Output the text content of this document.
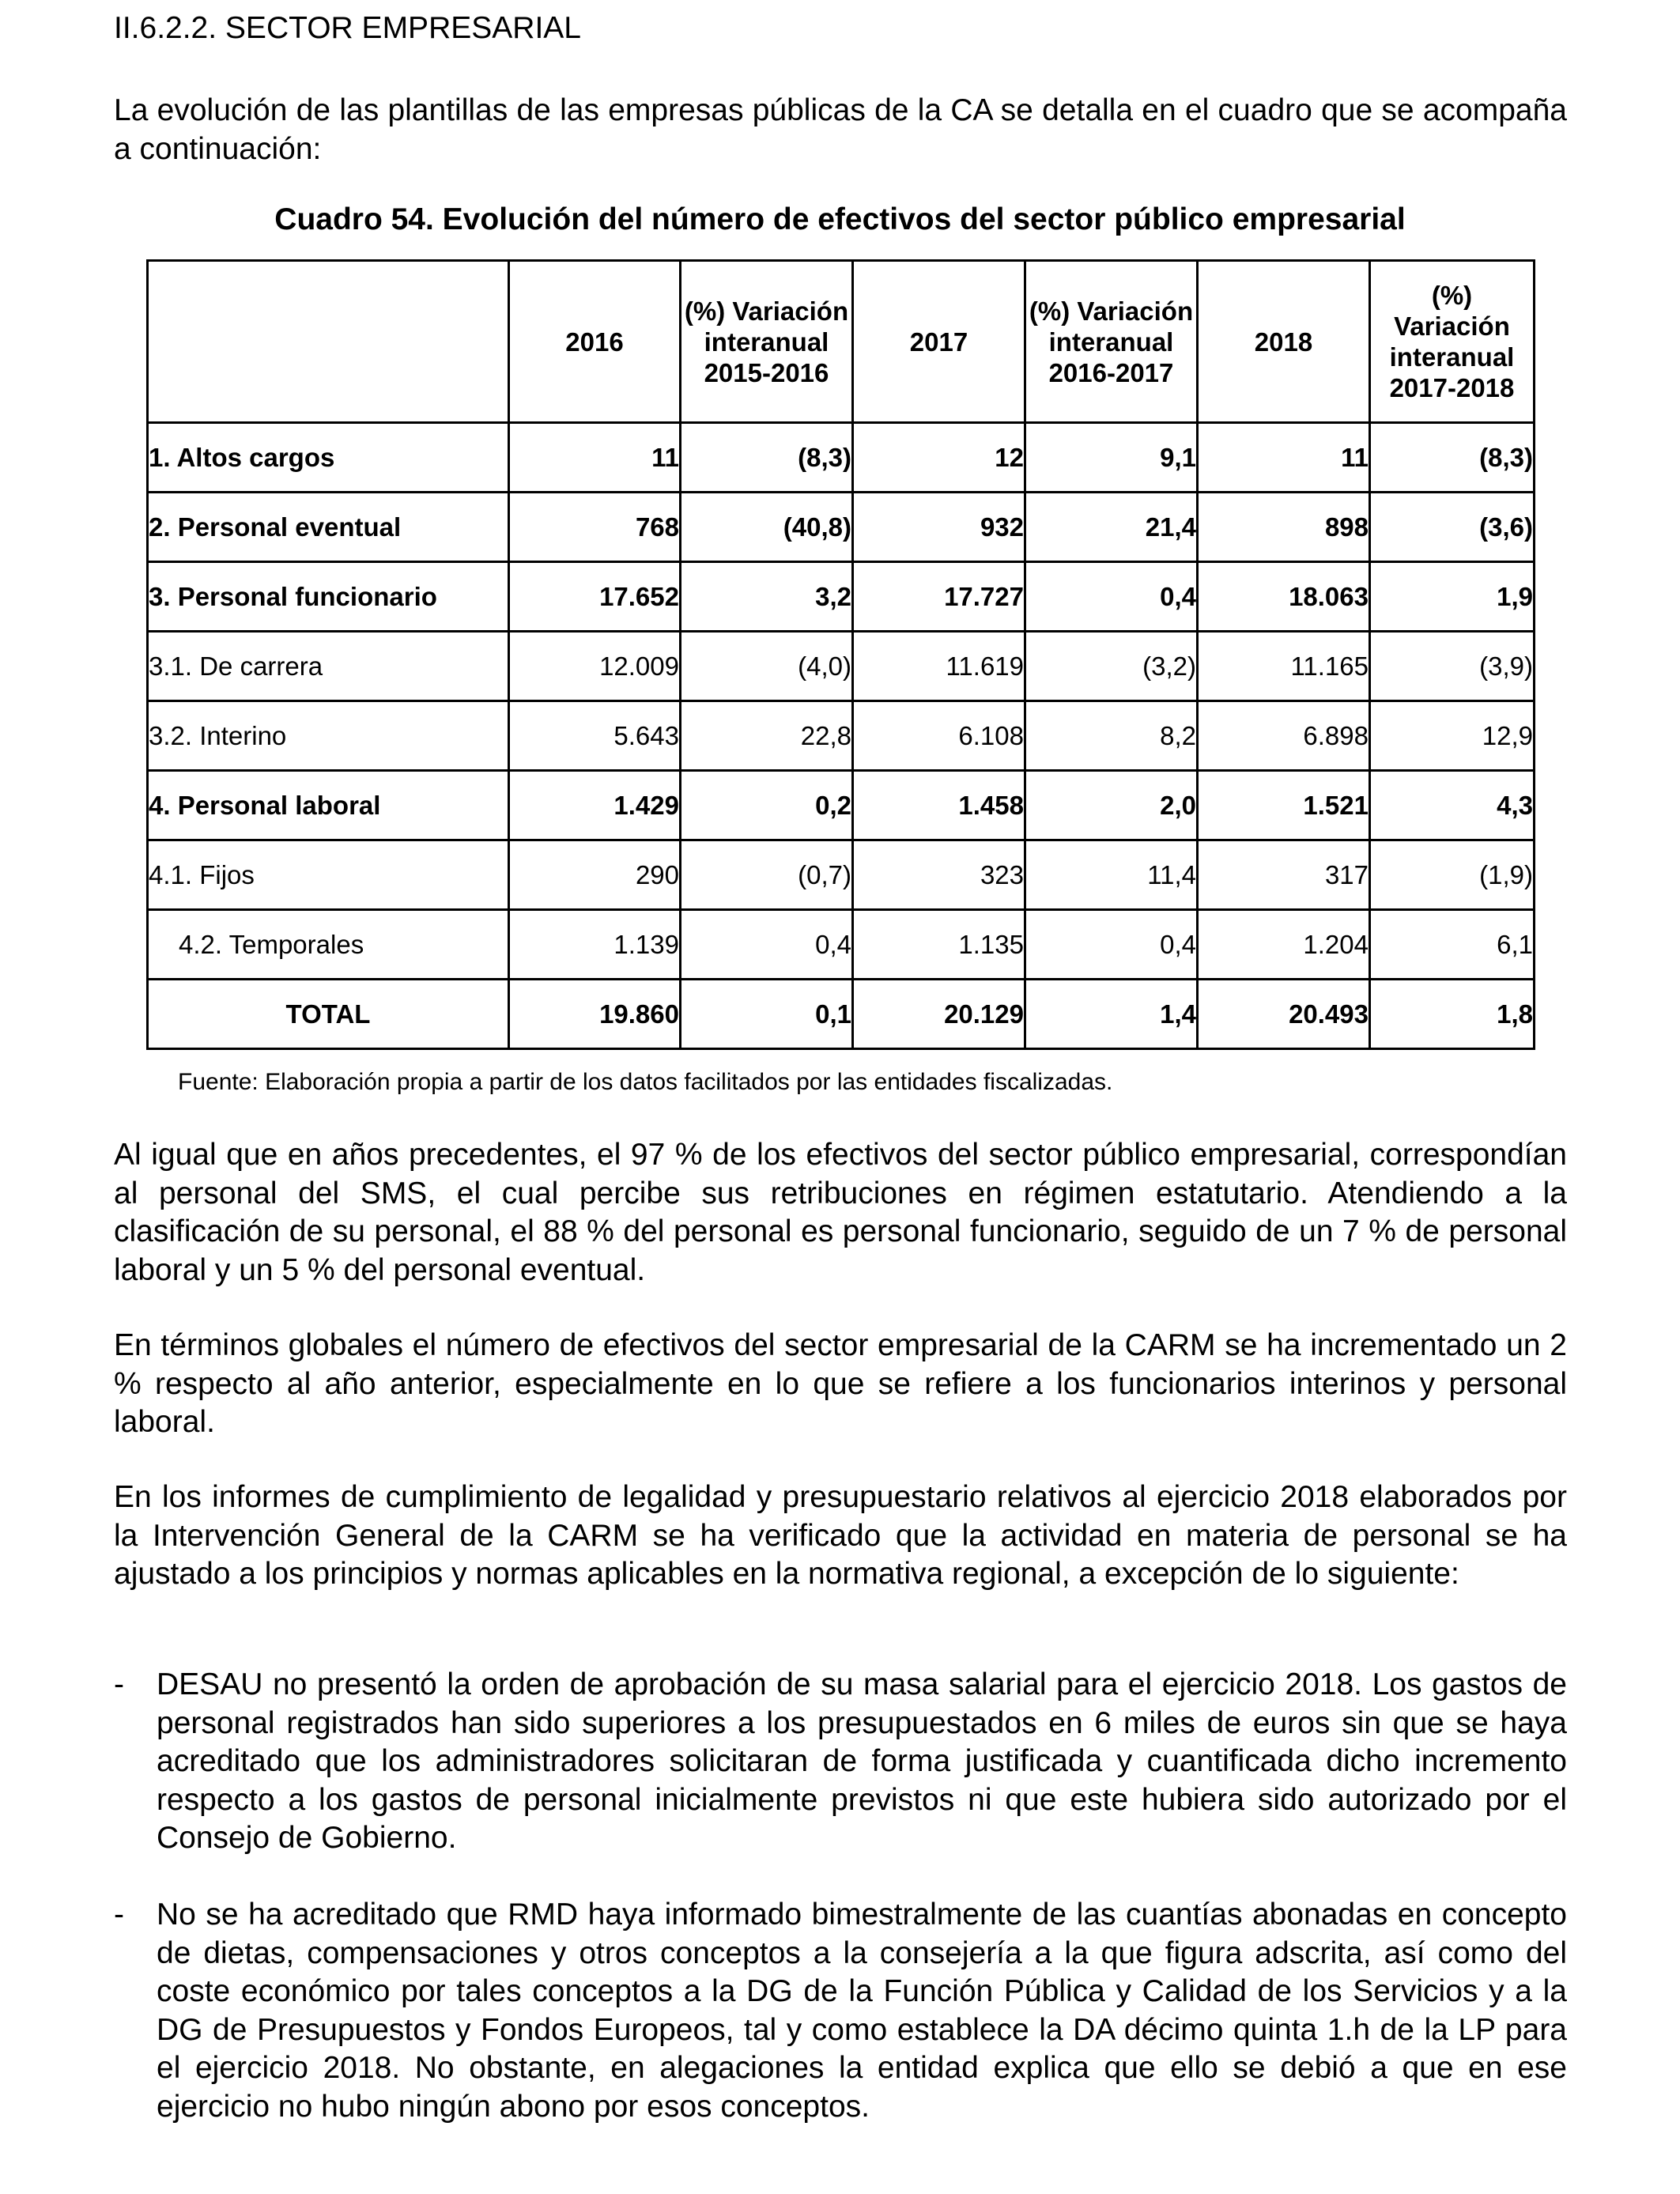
II.6.2.2. SECTOR EMPRESARIAL

La evolución de las plantillas de las empresas públicas de la CA se detalla en el cuadro que se acompaña a continuación:

Cuadro 54. Evolución del número de efectivos del sector público empresarial
	2016	(%) Variación interanual 2015-2016	2017	(%) Variación interanual 2016-2017	2018	(%) Variación interanual 2017-2018
1. Altos cargos	11	(8,3)	12	9,1	11	(8,3)
2. Personal eventual	768	(40,8)	932	21,4	898	(3,6)
3. Personal funcionario	17.652	3,2	17.727	0,4	18.063	1,9
3.1. De carrera	12.009	(4,0)	11.619	(3,2)	11.165	(3,9)
3.2. Interino	5.643	22,8	6.108	8,2	6.898	12,9
4. Personal laboral	1.429	0,2	1.458	2,0	1.521	4,3
4.1. Fijos	290	(0,7)	323	11,4	317	(1,9)
4.2. Temporales	1.139	0,4	1.135	0,4	1.204	6,1
TOTAL	19.860	0,1	20.129	1,4	20.493	1,8
Fuente: Elaboración propia a partir de los datos facilitados por las entidades fiscalizadas.

Al igual que en años precedentes, el 97 % de los efectivos del sector público empresarial, correspondían al personal del SMS, el cual percibe sus retribuciones en régimen estatutario. Atendiendo a la clasificación de su personal, el 88 % del personal es personal funcionario, seguido de un 7 % de personal laboral y un 5 % del personal eventual.

En términos globales el número de efectivos del sector empresarial de la CARM se ha incrementado un 2 % respecto al año anterior, especialmente en lo que se refiere a los funcionarios interinos y personal laboral.

En los informes de cumplimiento de legalidad y presupuestario relativos al ejercicio 2018 elaborados por la Intervención General de la CARM se ha verificado que la actividad en materia de personal se ha ajustado a los principios y normas aplicables en la normativa regional, a excepción de lo siguiente:

- DESAU no presentó la orden de aprobación de su masa salarial para el ejercicio 2018. Los gastos de personal registrados han sido superiores a los presupuestados en 6 miles de euros sin que se haya acreditado que los administradores solicitaran de forma justificada y cuantificada dicho incremento respecto a los gastos de personal inicialmente previstos ni que este hubiera sido autorizado por el Consejo de Gobierno.
- No se ha acreditado que RMD haya informado bimestralmente de las cuantías abonadas en concepto de dietas, compensaciones y otros conceptos a la consejería a la que figura adscrita, así como del coste económico por tales conceptos a la DG de la Función Pública y Calidad de los Servicios y a la DG de Presupuestos y Fondos Europeos, tal y como establece la DA décimo quinta 1.h de la LP para el ejercicio 2018. No obstante, en alegaciones la entidad explica que ello se debió a que en ese ejercicio no hubo ningún abono por esos conceptos.
